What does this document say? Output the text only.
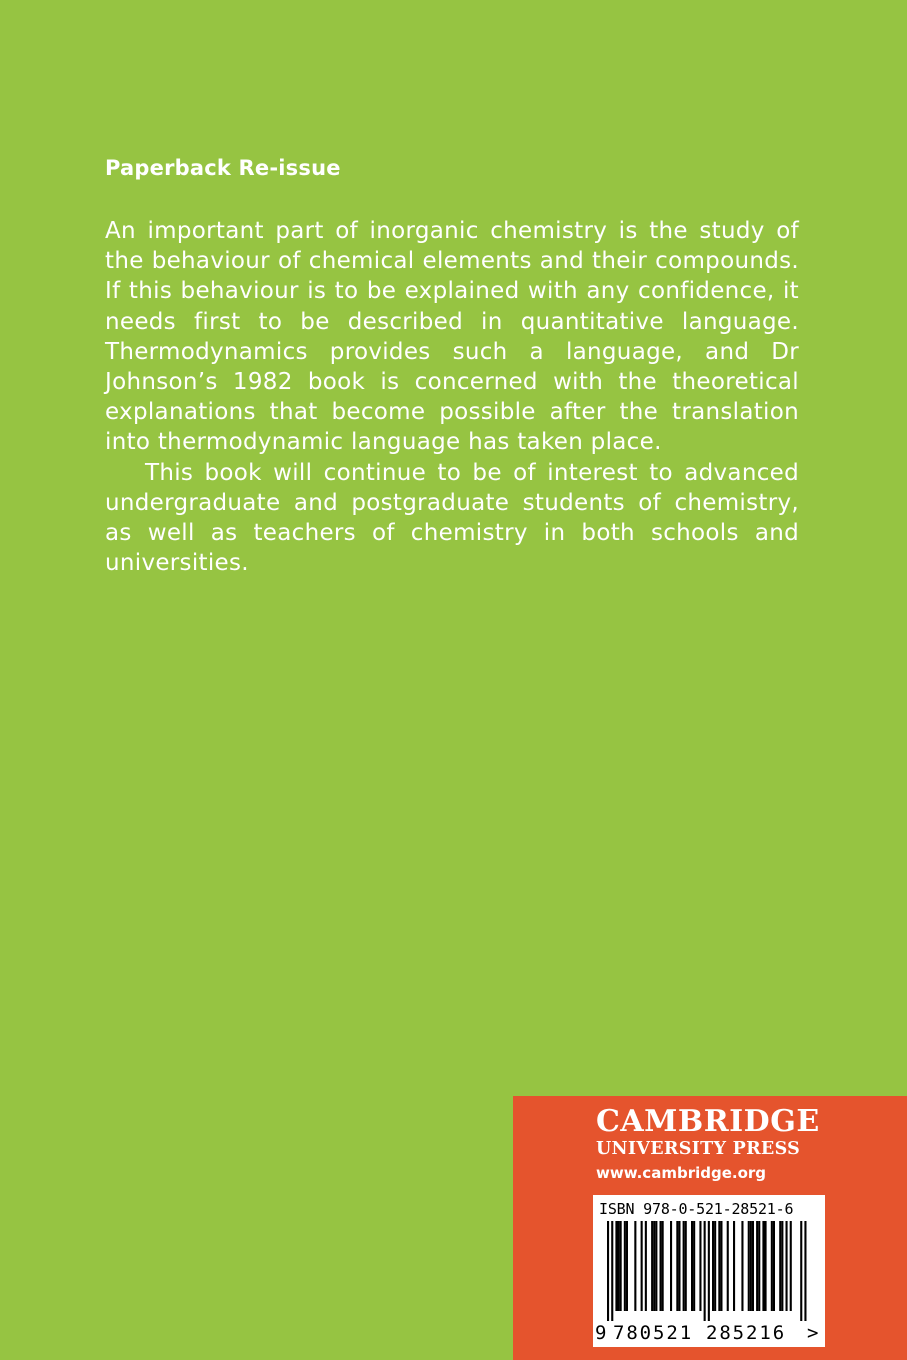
Paperback Re-issue

An important part of inorganic chemistry is the study of the behaviour of chemical elements and their compounds. If this behaviour is to be explained with any confidence, it needs first to be described in quantitative language. Thermodynamics provides such a language, and Dr Johnson’s 1982 book is concerned with the theoretical explanations that become possible after the translation into thermodynamic language has taken place.

This book will continue to be of interest to advanced undergraduate and postgraduate students of chemistry, as well as teachers of chemistry in both schools and universities.

CAMBRIDGE
UNIVERSITY PRESS
www.cambridge.org
ISBN 978-0-521-28521-6
9 780521 285216 >
